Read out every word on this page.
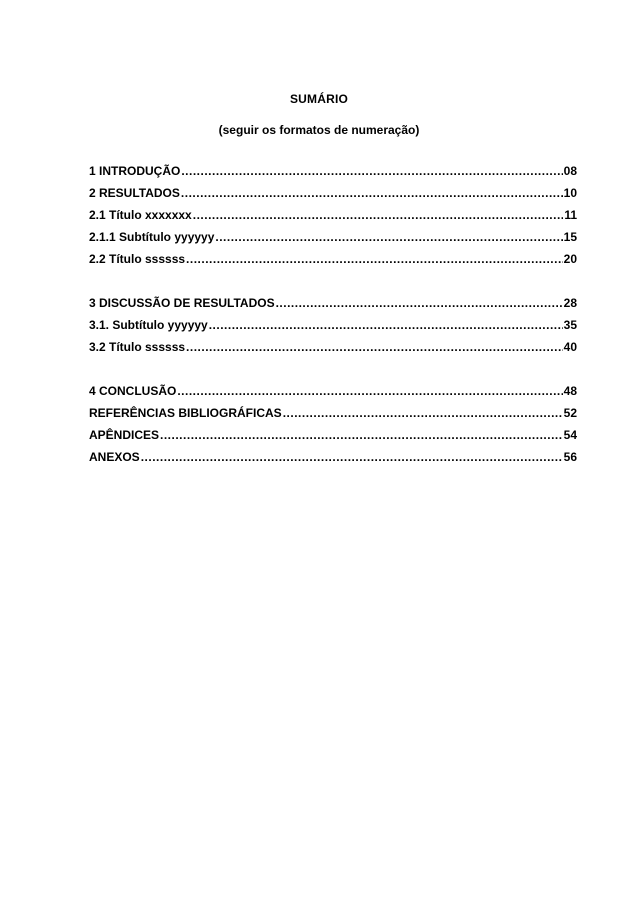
SUMÁRIO
(seguir os formatos de numeração)
1 INTRODUÇÃO .....	08
2 RESULTADOS .....	10
2.1 Título xxxxxxx .....	11
2.1.1 Subtítulo yyyyyy .....	15
2.2 Título ssssss .....	20
3 DISCUSSÃO DE RESULTADOS .....	28
3.1. Subtítulo yyyyyy .....	35
3.2 Título ssssss .....	40
4 CONCLUSÃO .....	48
REFERÊNCIAS BIBLIOGRÁFICAS .....	52
APÊNDICES .....	54
ANEXOS .....	56
